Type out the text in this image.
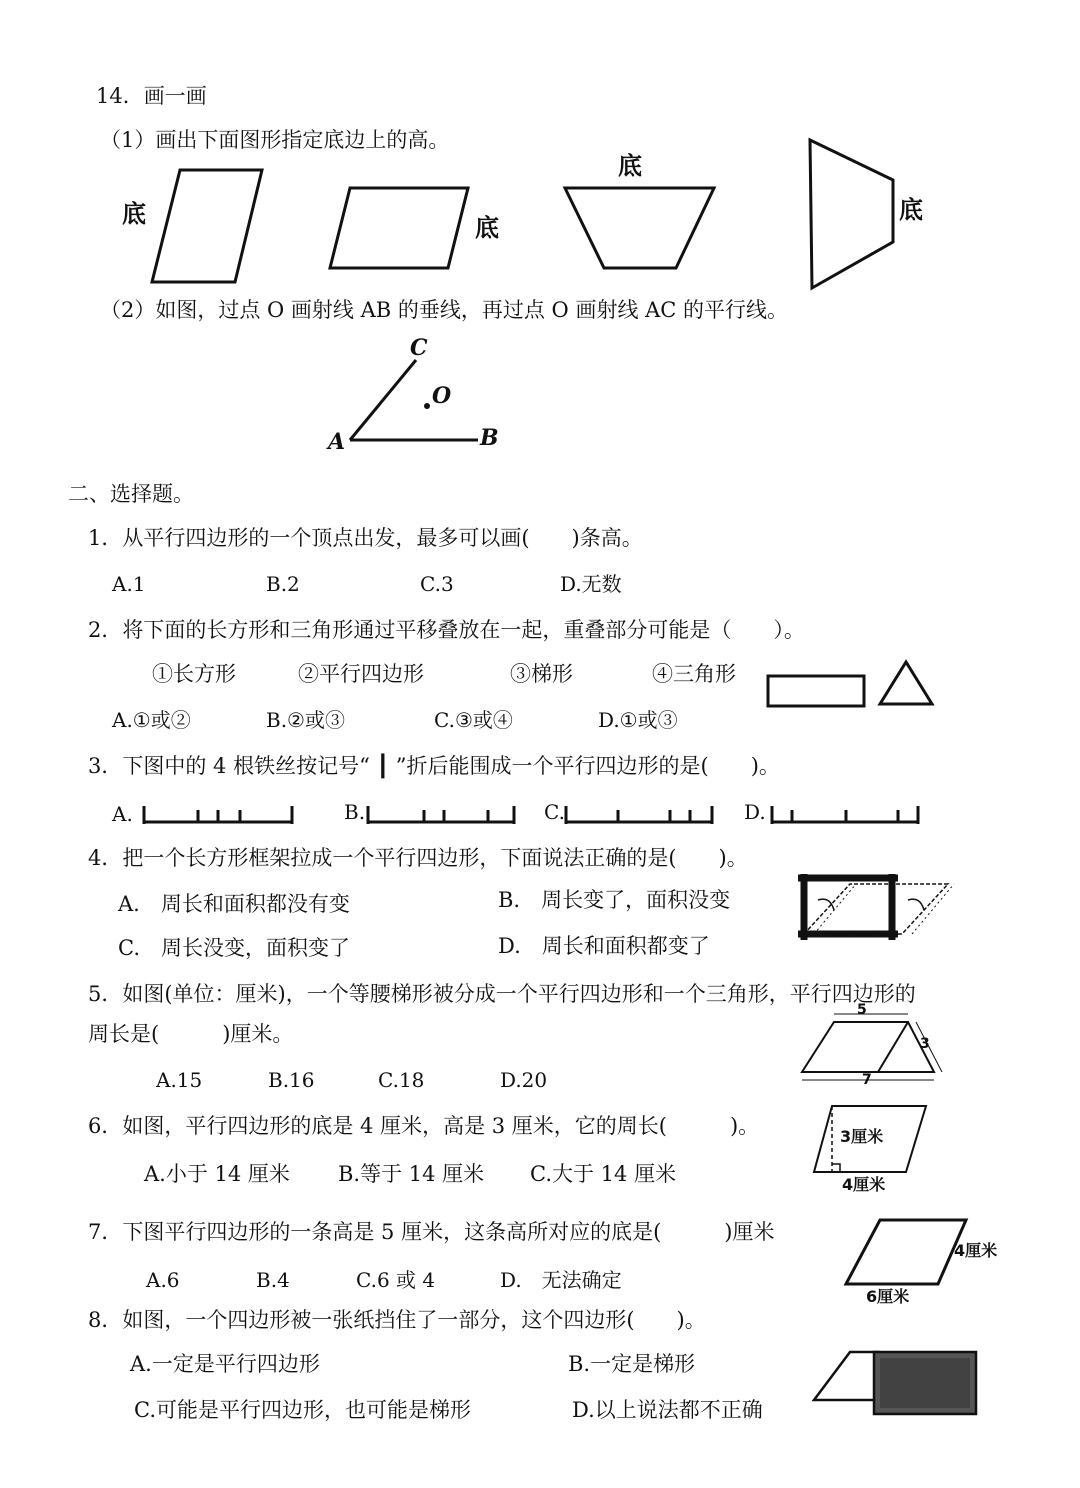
14．画一画
（1）画出下面图形指定底边上的高。
底	底
底
底
（2）如图，过点 O 画射线 AB 的垂线，再过点 O 画射线 AC 的平行线。
C
O
A	B
二、选择题。
1．从平行四边形的一个顶点出发，最多可以画(　　)条高。
A.1	B.2	C.3	D.无数
2．将下面的长方形和三角形通过平移叠放在一起，重叠部分可能是（　　）。
①长方形	②平行四边形	③梯形	④三角形
A.①或②	B.②或③	C.③或④	D.①或③
3．下图中的 4 根铁丝按记号“ ┃ ”折后能围成一个平行四边形的是(　　)。
A.	B.	C.	D.
4．把一个长方形框架拉成一个平行四边形，下面说法正确的是(　　)。
A.　周长和面积都没有变	B.　周长变了，面积没变
C.　周长没变，面积变了	D.　周长和面积都变了
5．如图(单位：厘米)，一个等腰梯形被分成一个平行四边形和一个三角形，平行四边形的
周长是(　　　)厘米。
A.15	B.16	C.18	D.20
5
3
7
6．如图，平行四边形的底是 4 厘米，高是 3 厘米，它的周长(　　　)。
A.小于 14 厘米 B.等于 14 厘米 C.大于 14 厘米
3厘米
4厘米
7．下图平行四边形的一条高是 5 厘米，这条高所对应的底是(　　　)厘米
A.6	B.4	C.6 或 4	D.　无法确定
4厘米
6厘米
8．如图，一个四边形被一张纸挡住了一部分，这个四边形(　　)。
A.一定是平行四边形	B.一定是梯形
C.可能是平行四边形，也可能是梯形	D.以上说法都不正确
